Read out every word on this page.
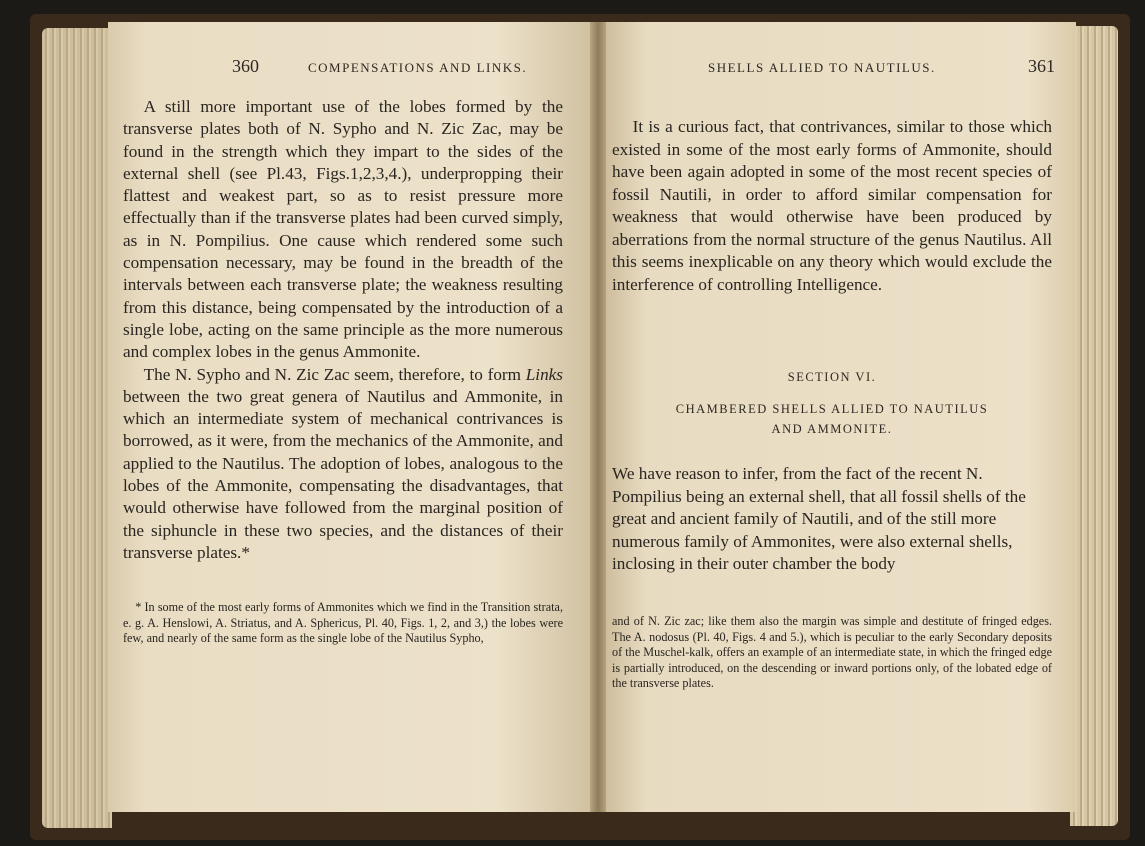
360	COMPENSATIONS AND LINKS.

A still more important use of the lobes formed by the transverse plates both of N. Sypho and N. Zic Zac, may be found in the strength which they impart to the sides of the external shell (see Pl.43, Figs.1,2,3,4.), underpropping their flattest and weakest part, so as to resist pressure more effectually than if the transverse plates had been curved simply, as in N. Pompilius. One cause which rendered some such compensation necessary, may be found in the breadth of the intervals between each transverse plate; the weakness resulting from this distance, being compensated by the introduction of a single lobe, acting on the same principle as the more numerous and complex lobes in the genus Ammonite.

The N. Sypho and N. Zic Zac seem, therefore, to form Links between the two great genera of Nautilus and Ammonite, in which an intermediate system of mechanical contrivances is borrowed, as it were, from the mechanics of the Ammonite, and applied to the Nautilus. The adoption of lobes, analogous to the lobes of the Ammonite, compensating the disadvantages, that would otherwise have followed from the marginal position of the siphuncle in these two species, and the distances of their transverse plates.*

* In some of the most early forms of Ammonites which we find in the Transition strata, e. g. A. Henslowi, A. Striatus, and A. Sphericus, Pl. 40, Figs. 1, 2, and 3,) the lobes were few, and nearly of the same form as the single lobe of the Nautilus Sypho,

SHELLS ALLIED TO NAUTILUS.	361

It is a curious fact, that contrivances, similar to those which existed in some of the most early forms of Ammonite, should have been again adopted in some of the most recent species of fossil Nautili, in order to afford similar compensation for weakness that would otherwise have been produced by aberrations from the normal structure of the genus Nautilus. All this seems inexplicable on any theory which would exclude the interference of controlling Intelligence.

SECTION VI.
CHAMBERED SHELLS ALLIED TO NAUTILUS
AND AMMONITE.

We have reason to infer, from the fact of the recent N. Pompilius being an external shell, that all fossil shells of the great and ancient family of Nautili, and of the still more numerous family of Ammonites, were also external shells, inclosing in their outer chamber the body

and of N. Zic zac; like them also the margin was simple and destitute of fringed edges. The A. nodosus (Pl. 40, Figs. 4 and 5.), which is peculiar to the early Secondary deposits of the Muschel-kalk, offers an example of an intermediate state, in which the fringed edge is partially introduced, on the descending or inward portions only, of the lobated edge of the transverse plates.
